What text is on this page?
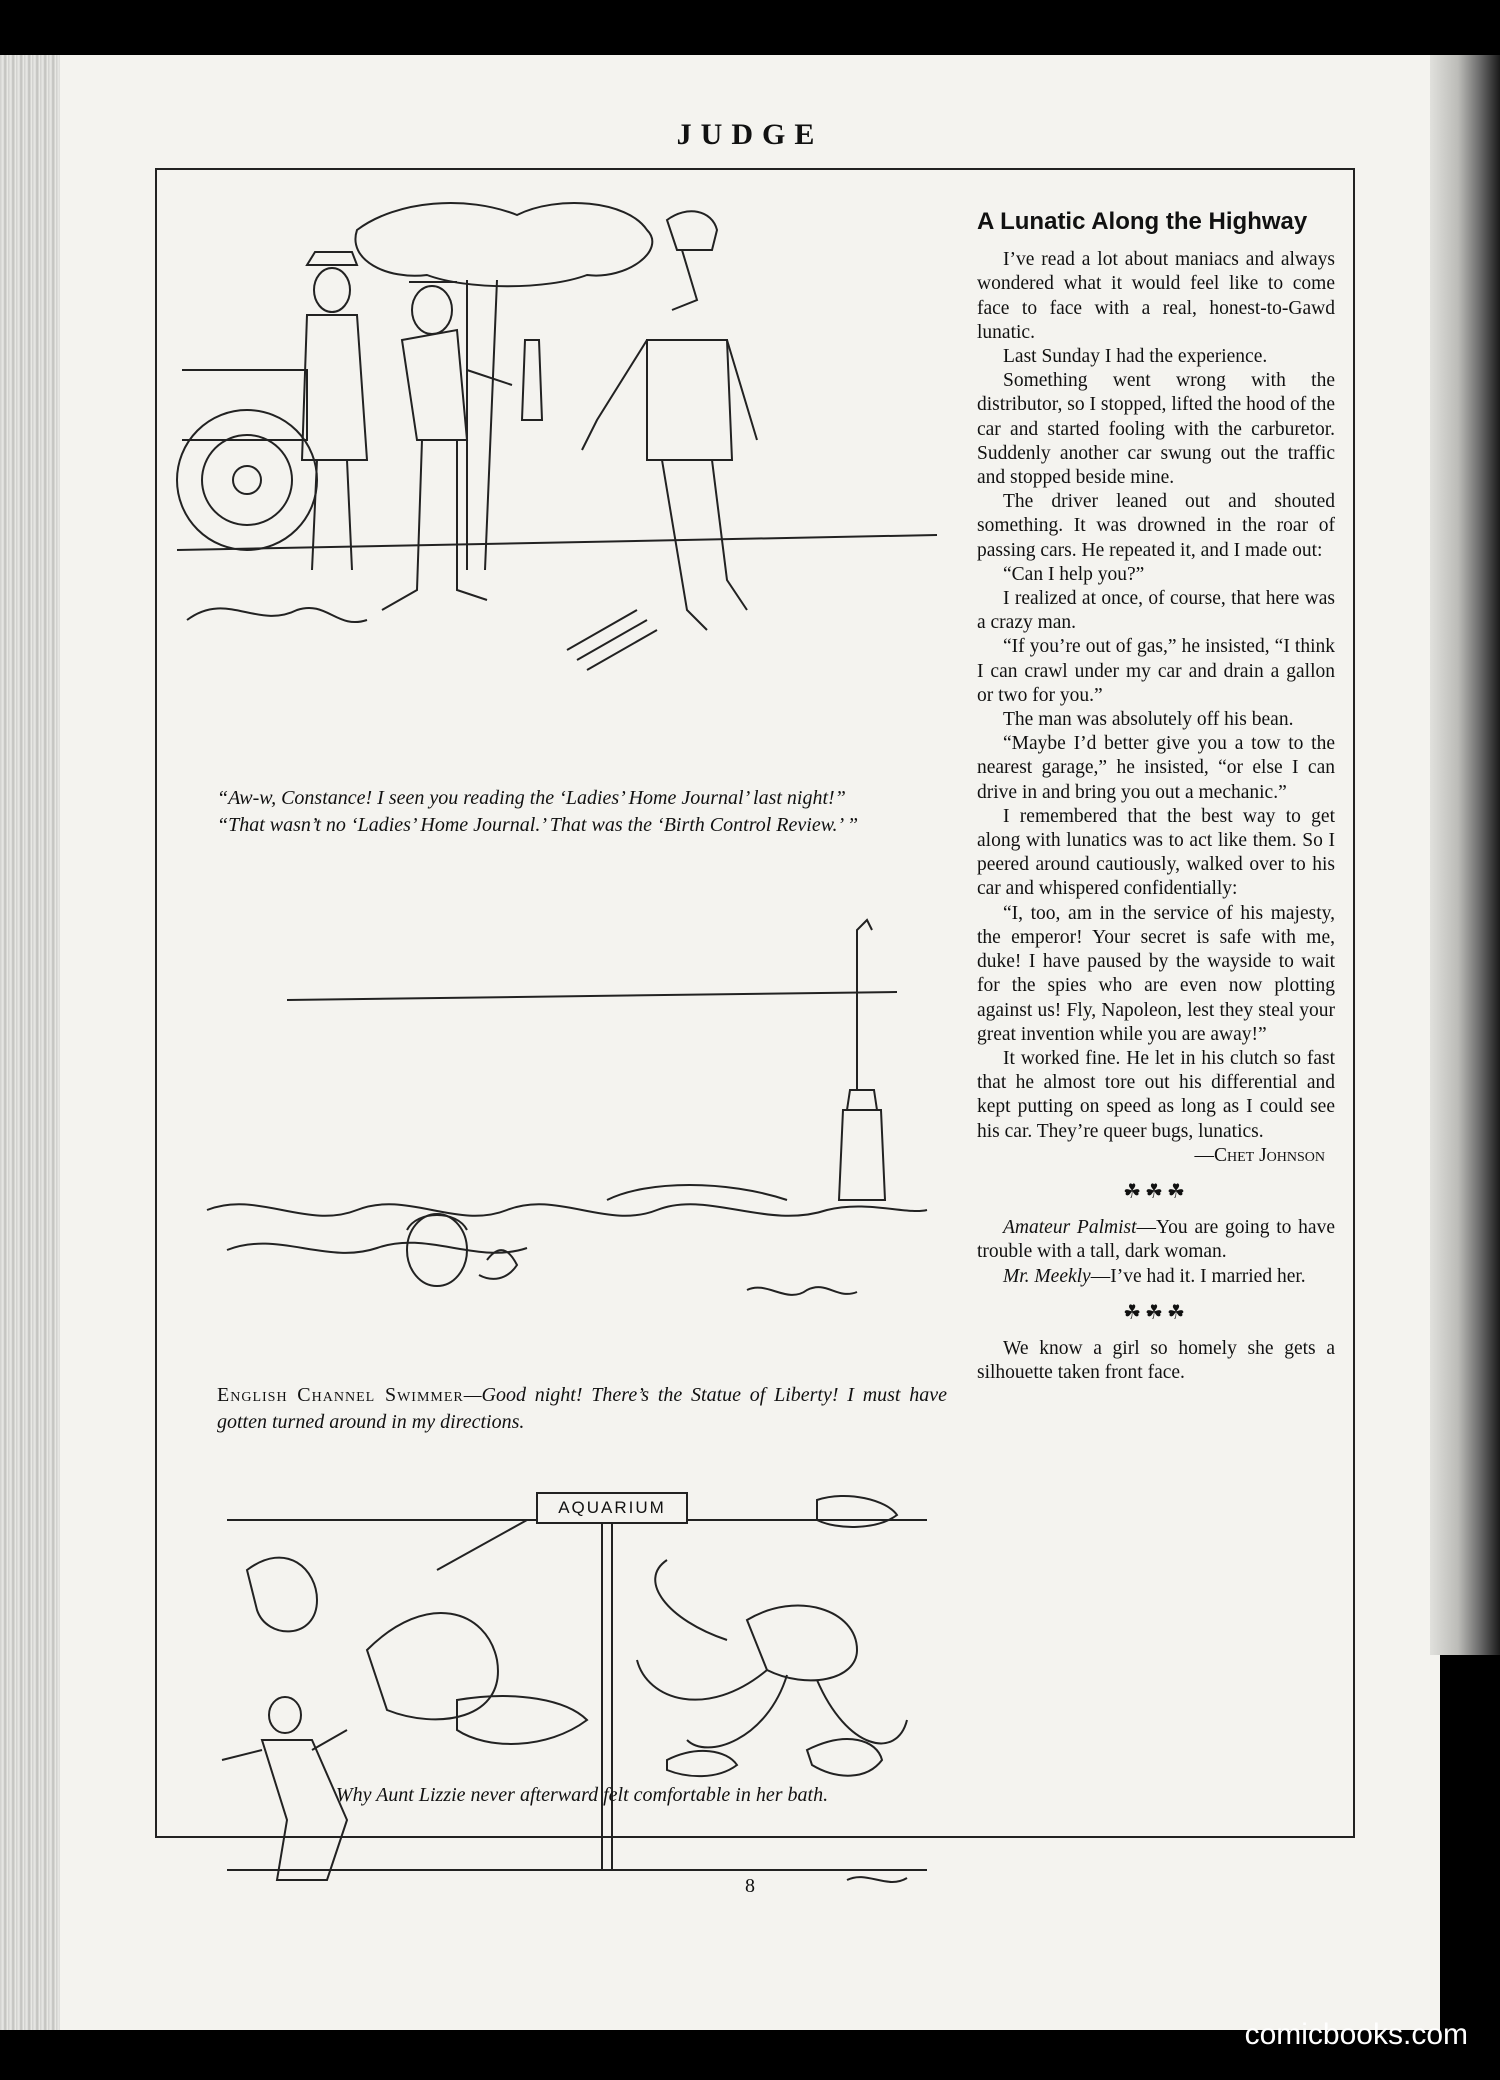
JUDGE
“Aw-w, Constance! I seen you reading the ‘Ladies’ Home Journal’ last night!”
“That wasn’t no ‘Ladies’ Home Journal.’ That was the ‘Birth Control Review.’ ”
English Channel Swimmer—Good night! There’s the Statue of Liberty! I must have gotten turned around in my directions.
AQUARIUM
Why Aunt Lizzie never afterward felt comfortable in her bath.
A Lunatic Along the Highway

I’ve read a lot about maniacs and always wondered what it would feel like to come face to face with a real, honest-to-Gawd lunatic.

Last Sunday I had the experience.

Something went wrong with the distributor, so I stopped, lifted the hood of the car and started fooling with the carburetor. Suddenly another car swung out the traffic and stopped beside mine.

The driver leaned out and shouted something. It was drowned in the roar of passing cars. He repeated it, and I made out:

“Can I help you?”

I realized at once, of course, that here was a crazy man.

“If you’re out of gas,” he insisted, “I think I can crawl under my car and drain a gallon or two for you.”

The man was absolutely off his bean.

“Maybe I’d better give you a tow to the nearest garage,” he insisted, “or else I can drive in and bring you out a mechanic.”

I remembered that the best way to get along with lunatics was to act like them. So I peered around cautiously, walked over to his car and whispered confidentially:

“I, too, am in the service of his majesty, the emperor! Your secret is safe with me, duke! I have paused by the wayside to wait for the spies who are even now plotting against us! Fly, Napoleon, lest they steal your great invention while you are away!”

It worked fine. He let in his clutch so fast that he almost tore out his differential and kept putting on speed as long as I could see his car. They’re queer bugs, lunatics.

—Chet Johnson
☘☘☘

Amateur Palmist—You are going to have trouble with a tall, dark woman.

Mr. Meekly—I’ve had it. I married her.

☘☘☘

We know a girl so homely she gets a silhouette taken front face.

8
comicbooks.com
